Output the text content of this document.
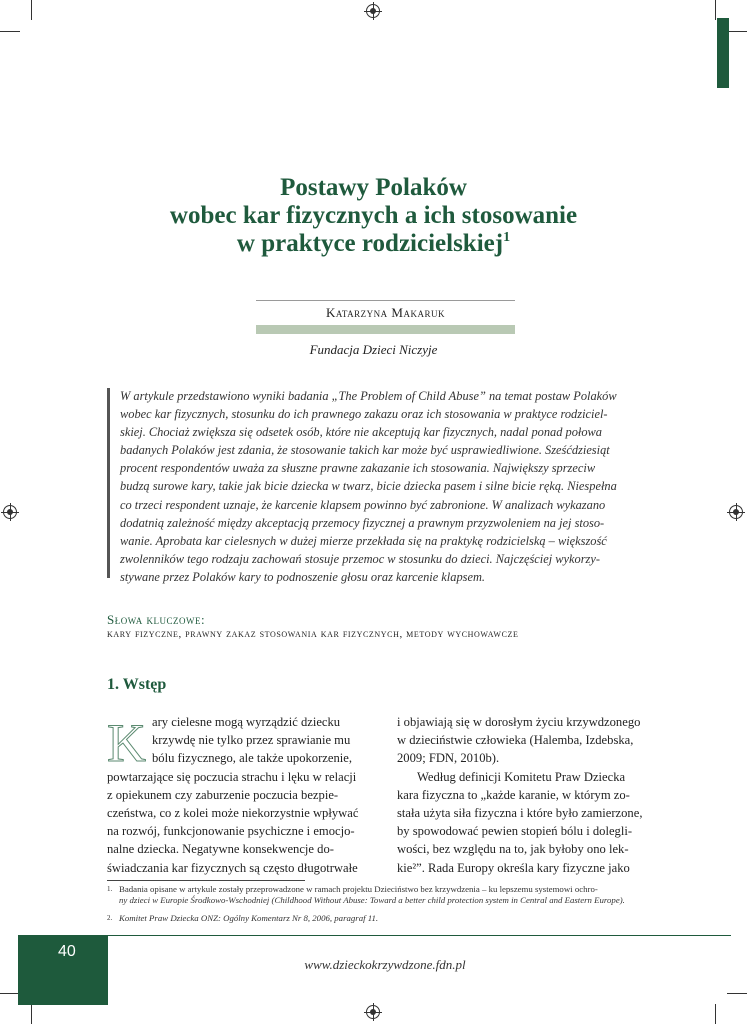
Postawy Polaków
wobec kar fizycznych a ich stosowanie
w praktyce rodzicielskiej$^1$
Katarzyna Makaruk
Fundacja Dzieci Niczyje
W artykule przedstawiono wyniki badania „The Problem of Child Abuse” na temat postaw Polaków
wobec kar fizycznych, stosunku do ich prawnego zakazu oraz ich stosowania w praktyce rodziciel-
skiej. Chociaż zwiększa się odsetek osób, które nie akceptują kar fizycznych, nadal ponad połowa
badanych Polaków jest zdania, że stosowanie takich kar może być usprawiedliwione. Sześćdziesiąt
procent respondentów uważa za słuszne prawne zakazanie ich stosowania. Największy sprzeciw
budzą surowe kary, takie jak bicie dziecka w twarz, bicie dziecka pasem i silne bicie ręką. Niespełna
co trzeci respondent uznaje, że karcenie klapsem powinno być zabronione. W analizach wykazano
dodatnią zależność między akceptacją przemocy fizycznej a prawnym przyzwoleniem na jej stoso-
wanie. Aprobata kar cielesnych w dużej mierze przekłada się na praktykę rodzicielską – większość
zwolenników tego rodzaju zachowań stosuje przemoc w stosunku do dzieci. Najczęściej wykorzy-
stywane przez Polaków kary to podnoszenie głosu oraz karcenie klapsem.
Słowa kluczowe:
kary fizyczne, prawny zakaz stosowania kar fizycznych, metody wychowawcze
1. Wstęp
K ary cielesne mogą wyrządzić dziecku
krzywdę nie tylko przez sprawianie mu
bólu fizycznego, ale także upokorzenie,
powtarzające się poczucia strachu i lęku w relacji
z opiekunem czy zaburzenie poczucia bezpie-
czeństwa, co z kolei może niekorzystnie wpływać
na rozwój, funkcjonowanie psychiczne i emocjo-
nalne dziecka. Negatywne konsekwencje do-
świadczania kar fizycznych są często długotrwałe
i objawiają się w dorosłym życiu krzywdzonego
w dzieciństwie człowieka (Halemba, Izdebska,
2009; FDN, 2010b).
Według definicji Komitetu Praw Dziecka
kara fizyczna to „każde karanie, w którym zo-
stała użyta siła fizyczna i które było zamierzone,
by spowodować pewien stopień bólu i dolegli-
wości, bez względu na to, jak byłoby ono lek-
kie²”. Rada Europy określa kary fizyczne jako
1. Badania opisane w artykule zostały przeprowadzone w ramach projektu Dzieciństwo bez krzywdzenia – ku lepszemu systemowi ochro-
ny dzieci w Europie Środkowo-Wschodniej (Childhood Without Abuse: Toward a better child protection system in Central and Eastern Europe).
2. Komitet Praw Dziecka ONZ: Ogólny Komentarz Nr 8, 2006, paragraf 11.
40
www.dzieckokrzywdzone.fdn.pl
